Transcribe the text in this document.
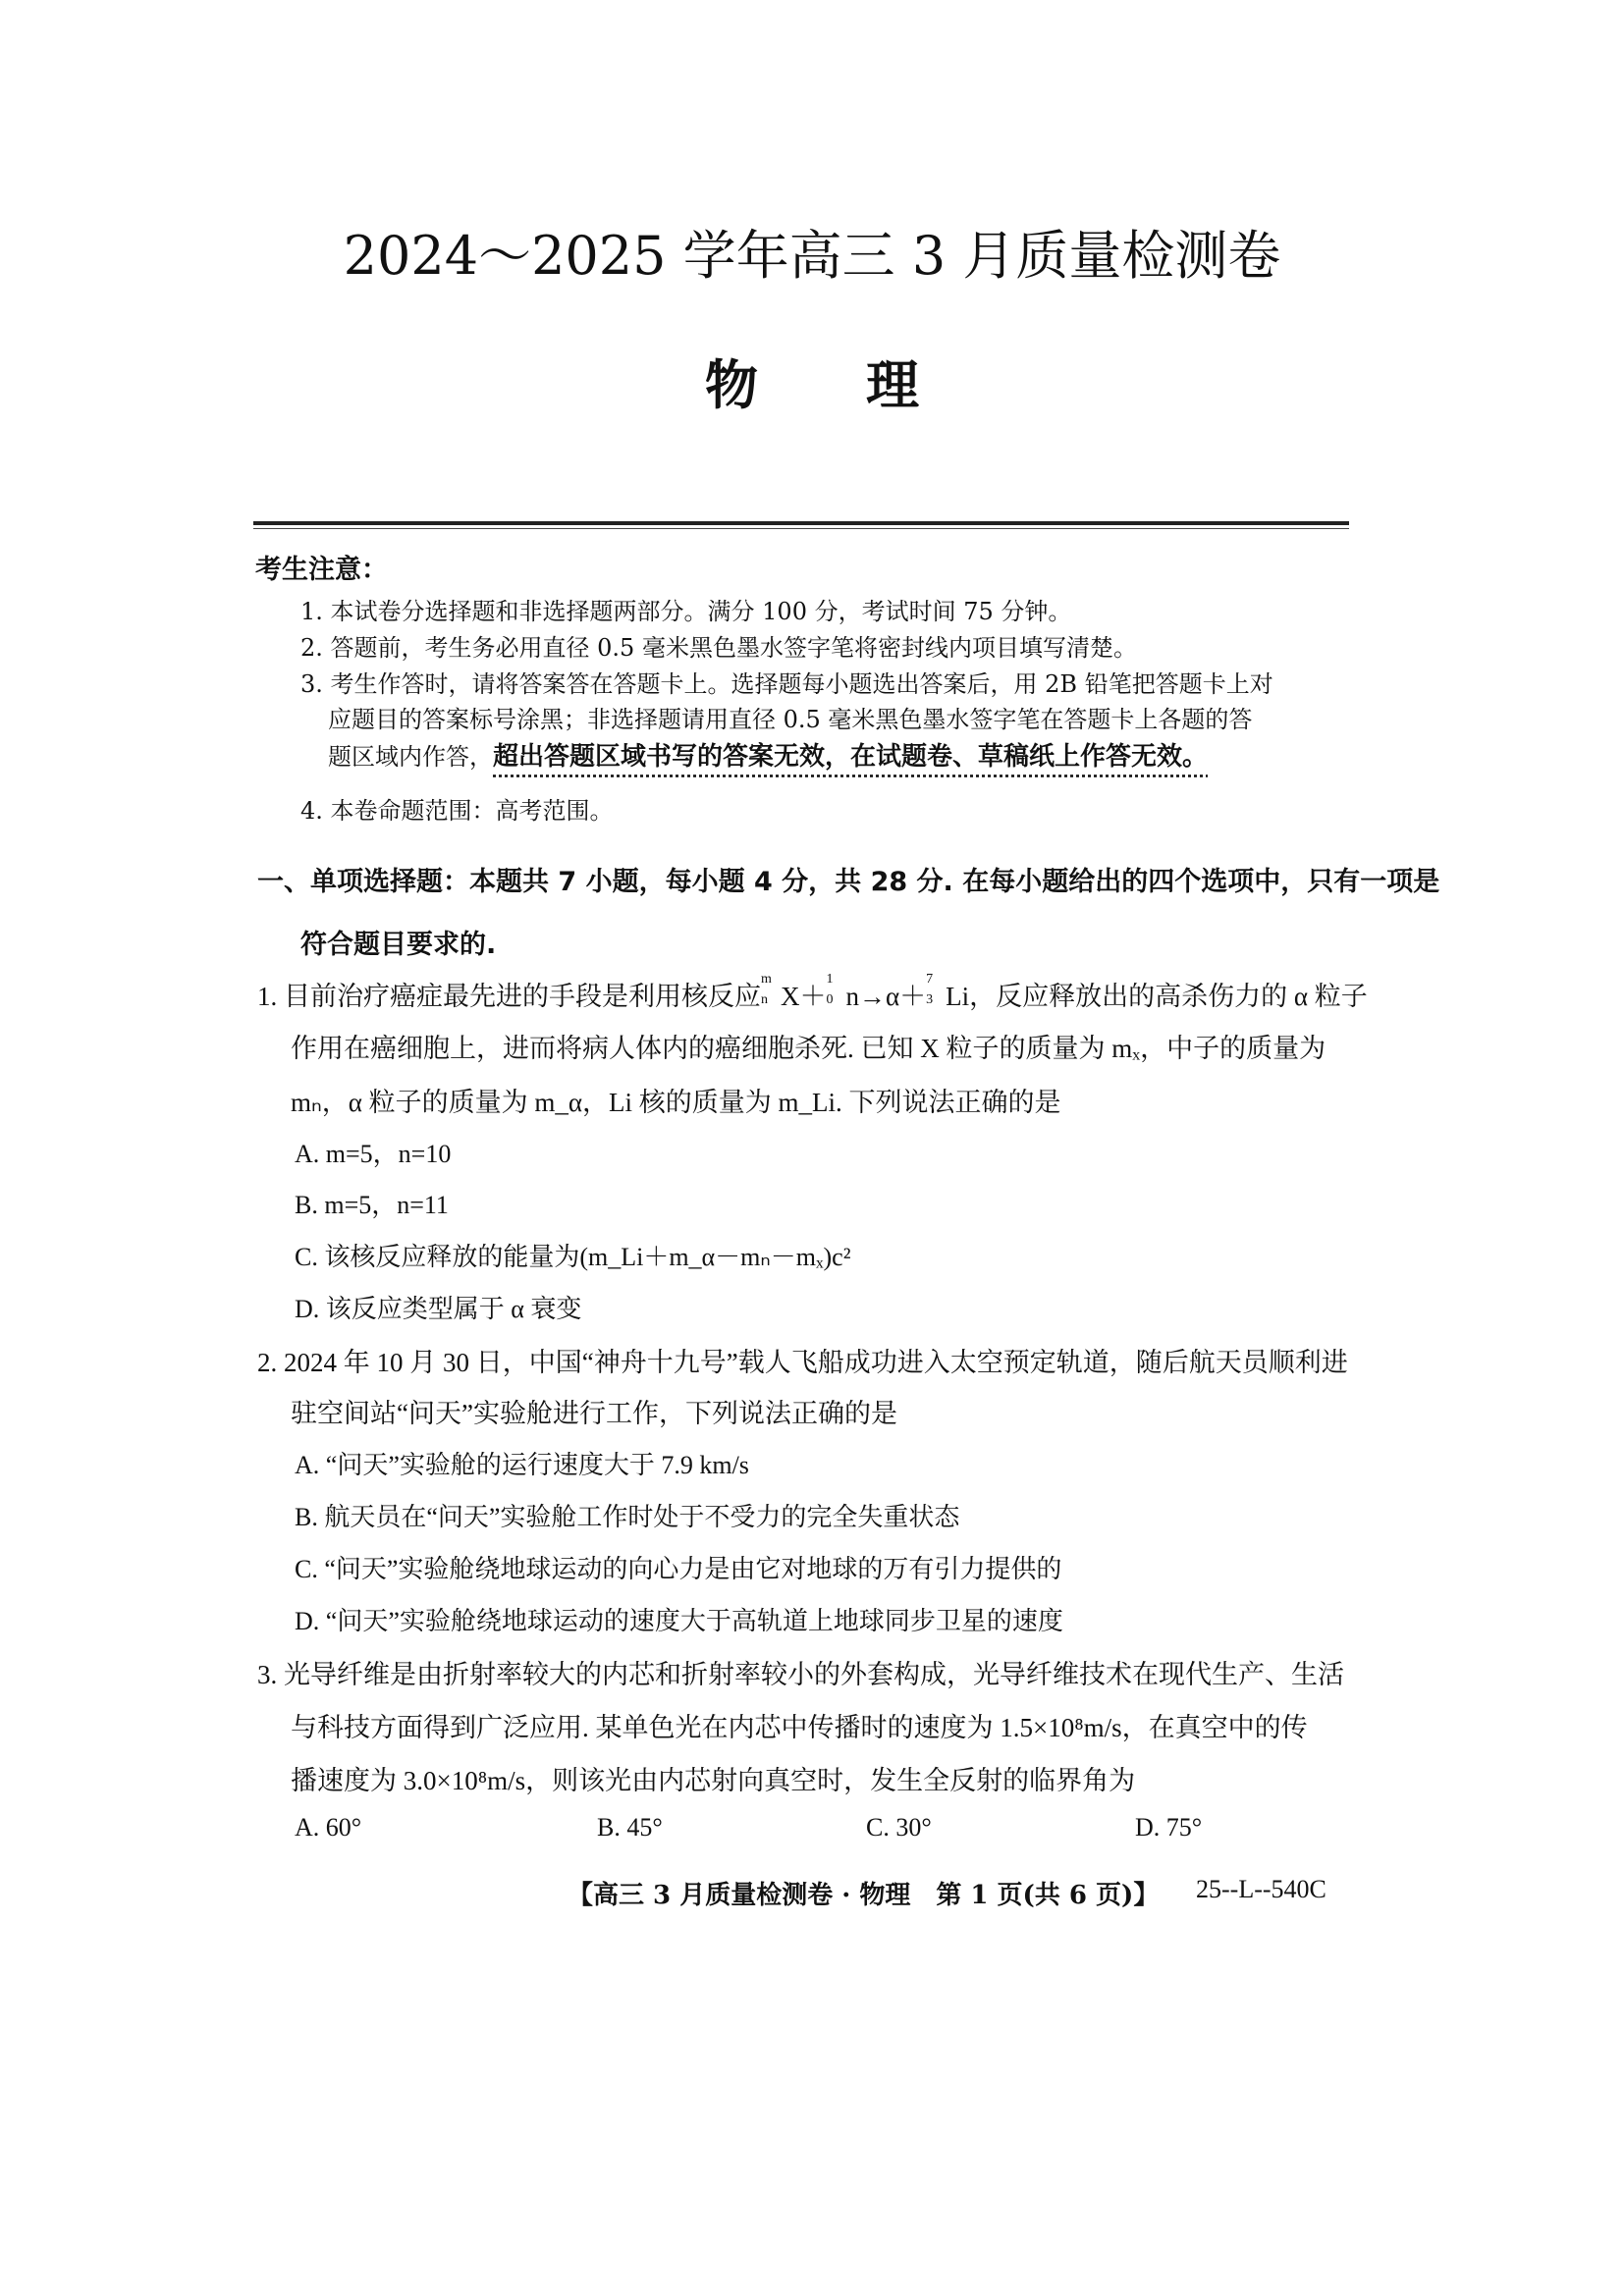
2024～2025 学年高三 3 月质量检测卷
物理
考生注意：
1. 本试卷分选择题和非选择题两部分。满分 100 分，考试时间 75 分钟。
2. 答题前，考生务必用直径 0.5 毫米黑色墨水签字笔将密封线内项目填写清楚。
3. 考生作答时，请将答案答在答题卡上。选择题每小题选出答案后，用 2B 铅笔把答题卡上对
应题目的答案标号涂黑；非选择题请用直径 0.5 毫米黑色墨水签字笔在答题卡上各题的答
题区域内作答，超出答题区域书写的答案无效，在试题卷、草稿纸上作答无效。
4. 本卷命题范围：高考范围。
一、单项选择题：本题共 7 小题，每小题 4 分，共 28 分. 在每小题给出的四个选项中，只有一项是
符合题目要求的.
1. 目前治疗癌症最先进的手段是利用核反应
m
n X＋
1
0 n→α＋
7
3 Li，反应释放出的高杀伤力的 α 粒子
作用在癌细胞上，进而将病人体内的癌细胞杀死. 已知 X 粒子的质量为 mₓ，中子的质量为
mₙ，α 粒子的质量为 m_α，Li 核的质量为 m_Li. 下列说法正确的是
A. m=5，n=10
B. m=5，n=11
C. 该核反应释放的能量为(m_Li＋m_α－mₙ－mₓ)c²
D. 该反应类型属于 α 衰变
2. 2024 年 10 月 30 日，中国“神舟十九号”载人飞船成功进入太空预定轨道，随后航天员顺利进
驻空间站“问天”实验舱进行工作，下列说法正确的是
A. “问天”实验舱的运行速度大于 7.9 km/s
B. 航天员在“问天”实验舱工作时处于不受力的完全失重状态
C. “问天”实验舱绕地球运动的向心力是由它对地球的万有引力提供的
D. “问天”实验舱绕地球运动的速度大于高轨道上地球同步卫星的速度
3. 光导纤维是由折射率较大的内芯和折射率较小的外套构成，光导纤维技术在现代生产、生活
与科技方面得到广泛应用. 某单色光在内芯中传播时的速度为 1.5×10⁸m/s，在真空中的传
播速度为 3.0×10⁸m/s，则该光由内芯射向真空时，发生全反射的临界角为
A. 60°	B. 45°	C. 30°	D. 75°
【高三 3 月质量检测卷 · 物理　第 1 页(共 6 页)】 25--L--540C
